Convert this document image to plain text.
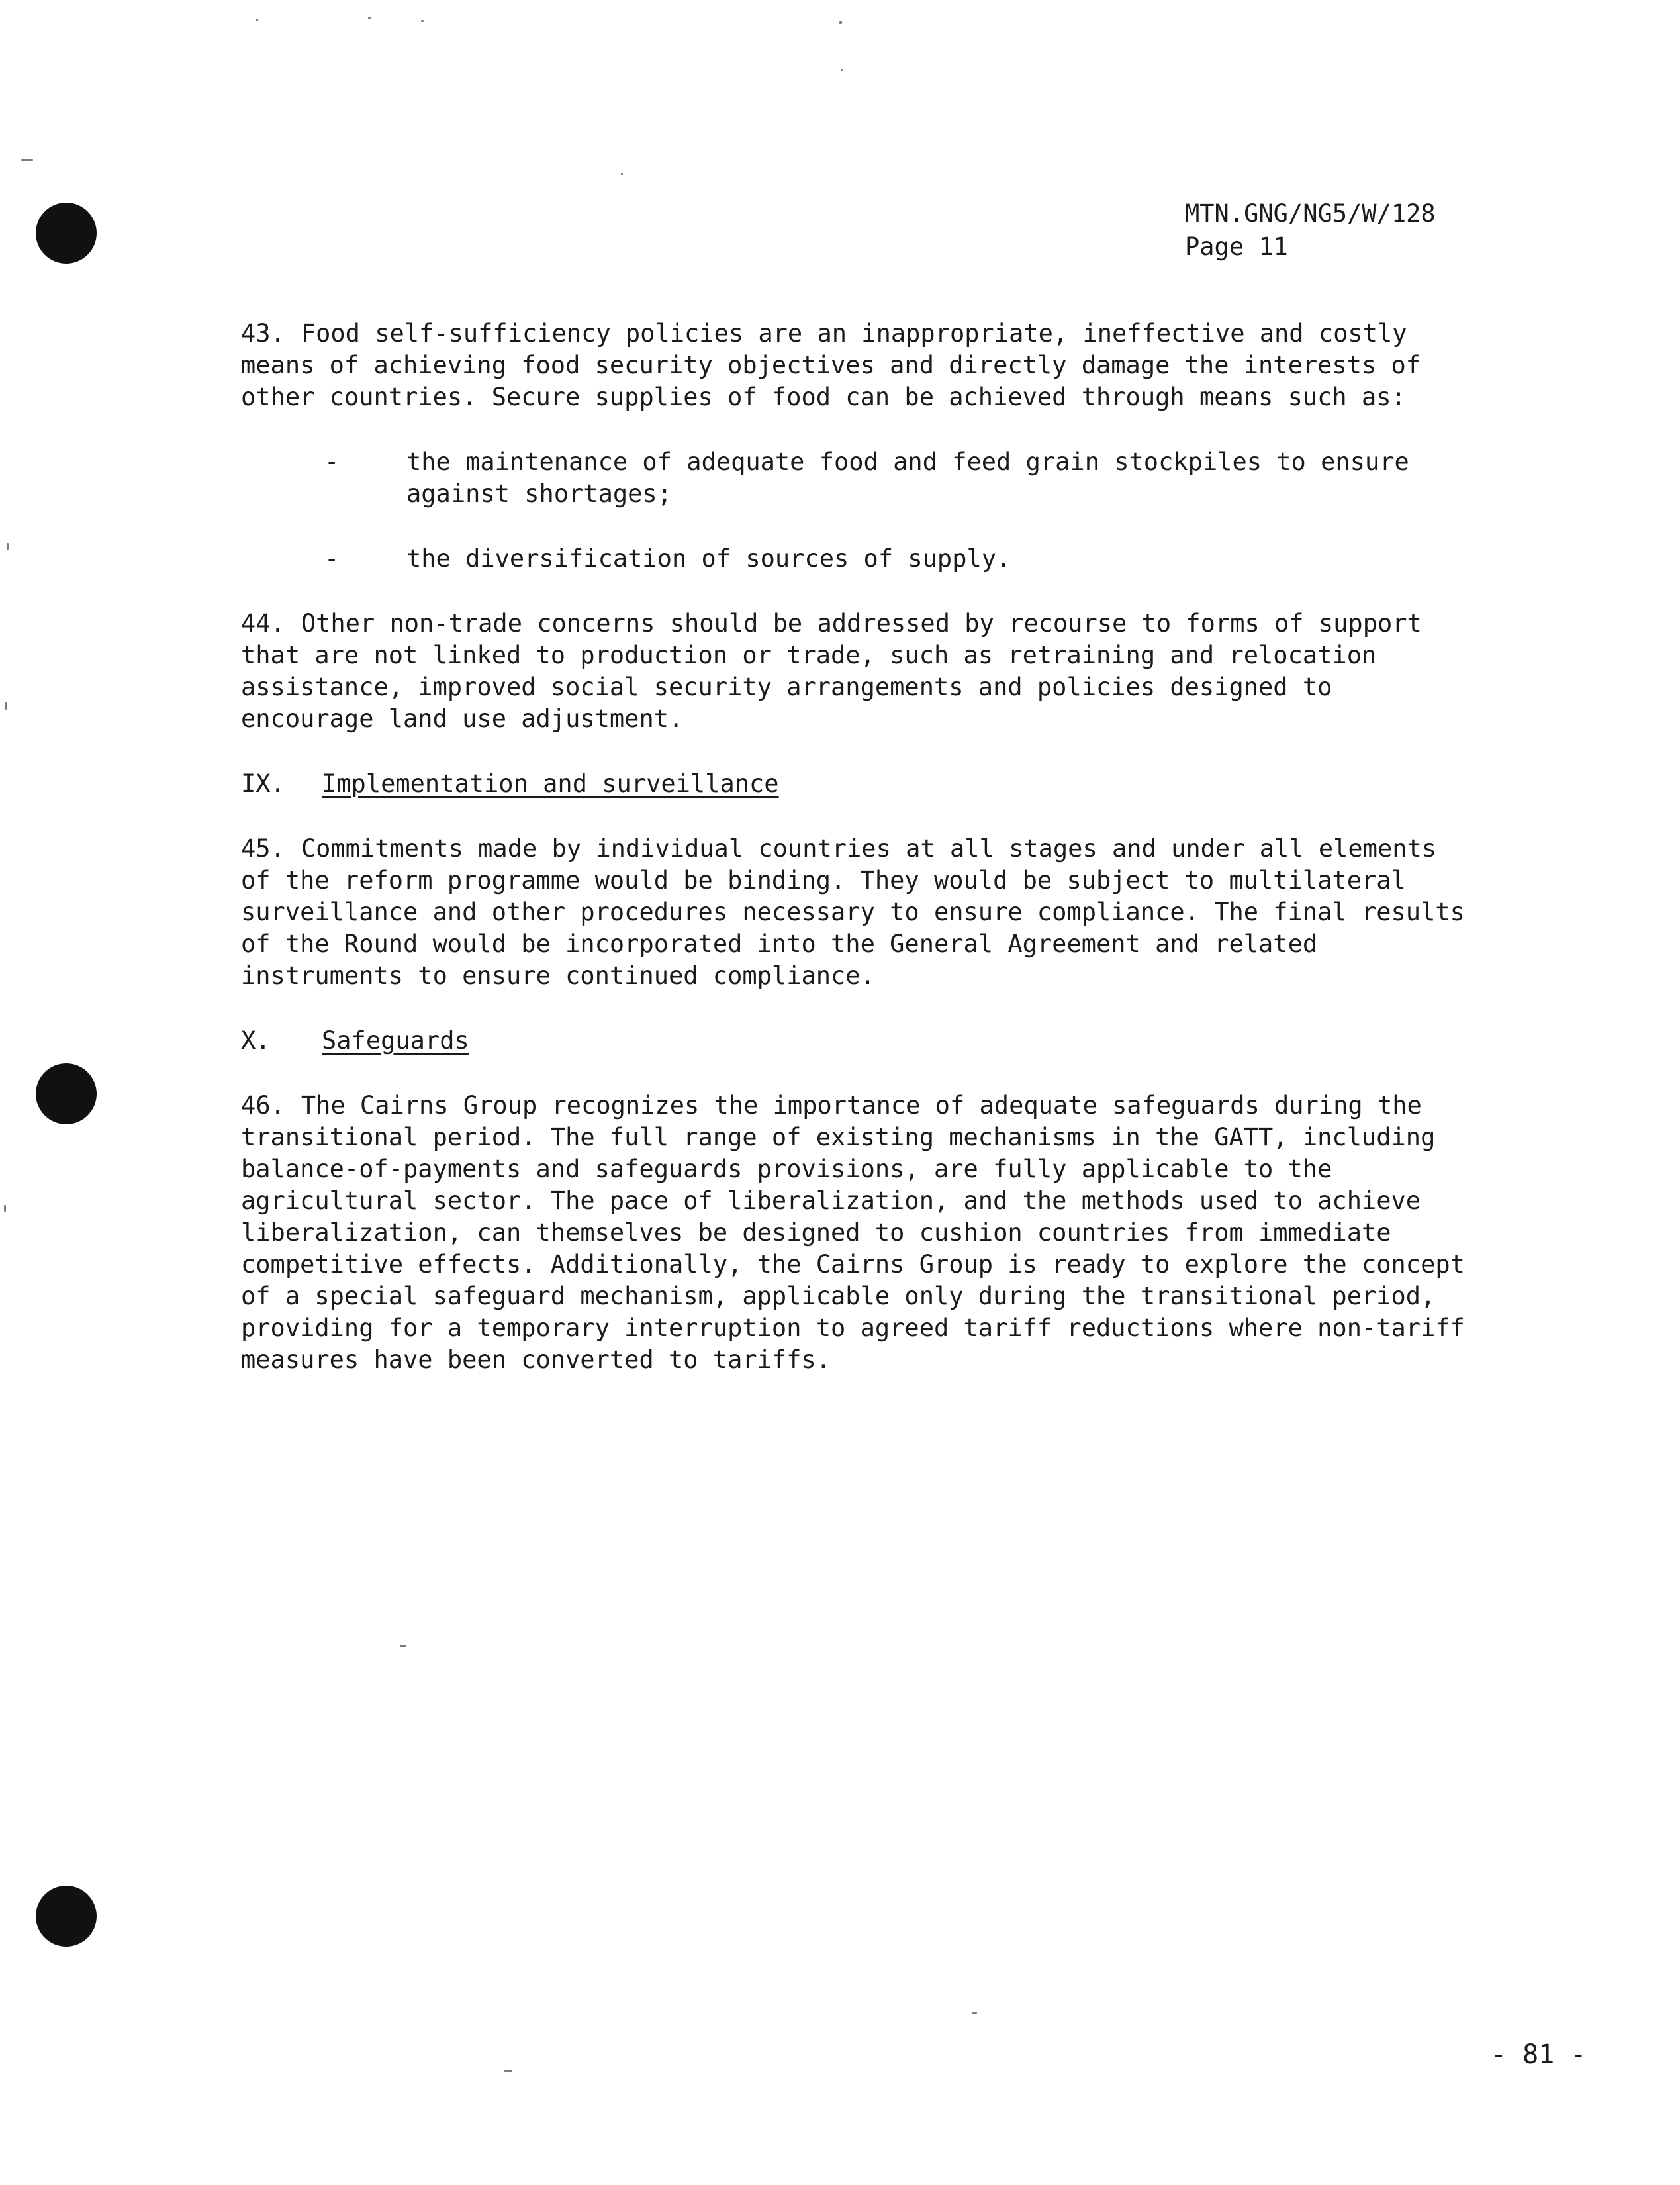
MTN.GNG/NG5/W/128
Page 11

43. Food self-sufficiency policies are an inappropriate, ineffective and costly means of achieving food security objectives and directly damage the interests of other countries. Secure supplies of food can be achieved through means such as:

-	the maintenance of adequate food and feed grain stockpiles to ensure against shortages;
-	the diversification of sources of supply.

44. Other non-trade concerns should be addressed by recourse to forms of support that are not linked to production or trade, such as retraining and relocation assistance, improved social security arrangements and policies designed to encourage land use adjustment.

IX.	Implementation and surveillance

45. Commitments made by individual countries at all stages and under all elements of the reform programme would be binding. They would be subject to multilateral surveillance and other procedures necessary to ensure compliance. The final results of the Round would be incorporated into the General Agreement and related instruments to ensure continued compliance.

X.	Safeguards

46. The Cairns Group recognizes the importance of adequate safeguards during the transitional period. The full range of existing mechanisms in the GATT, including balance-of-payments and safeguards provisions, are fully applicable to the agricultural sector. The pace of liberalization, and the methods used to achieve liberalization, can themselves be designed to cushion countries from immediate competitive effects. Additionally, the Cairns Group is ready to explore the concept of a special safeguard mechanism, applicable only during the transitional period, providing for a temporary interruption to agreed tariff reductions where non-tariff measures have been converted to tariffs.

- 81 -
